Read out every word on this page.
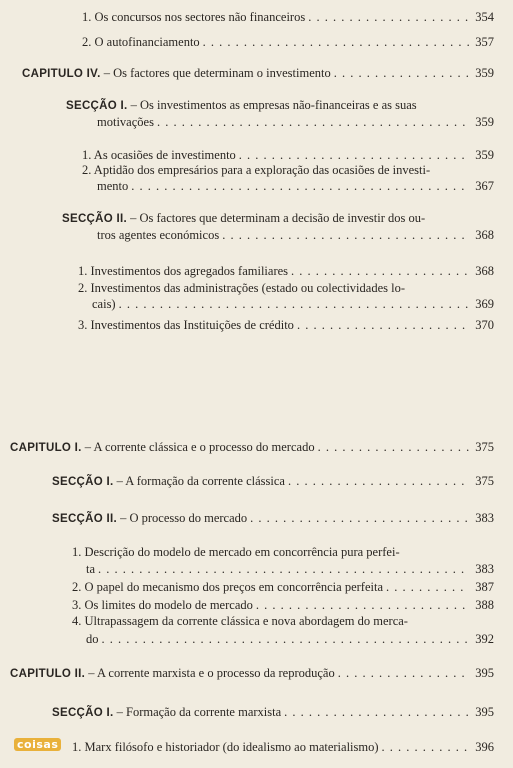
1. Os concursos nos sectores não financeiros . . .	354
2. O autofinanciamento . . .	357
CAPITULO IV. – Os factores que determinam o investimento . . .	359
SECÇÃO I. – Os investimentos as empresas não-financeiras e as suas
motivações . . .	359
1. As ocasiões de investimento . . .	359
2. Aptidão dos empresários para a exploração das ocasiões de investi-
mento . . .	367
SECÇÃO II. – Os factores que determinam a decisão de investir dos ou-
tros agentes económicos . . .	368
1. Investimentos dos agregados familiares . . .	368
2. Investimentos das administrações (estado ou colectividades lo-
cais) . . .	369
3. Investimentos das Instituições de crédito . . .	370
CAPITULO I. – A corrente clássica e o processo do mercado . . .	375
SECÇÃO I. – A formação da corrente clássica . . .	375
SECÇÃO II. – O processo do mercado . . .	383
1. Descrição do modelo de mercado em concorrência pura perfei-
ta . . .	383
2. O papel do mecanismo dos preços em concorrência perfeita . . .	387
3. Os limites do modelo de mercado . . .	388
4. Ultrapassagem da corrente clássica e nova abordagem do merca-
do . . .	392
CAPITULO II. – A corrente marxista e o processo da reprodução . . .	395
SECÇÃO I. – Formação da corrente marxista . . .	395
1. Marx filósofo e historiador (do idealismo ao materialismo) . . .	396
coisas
